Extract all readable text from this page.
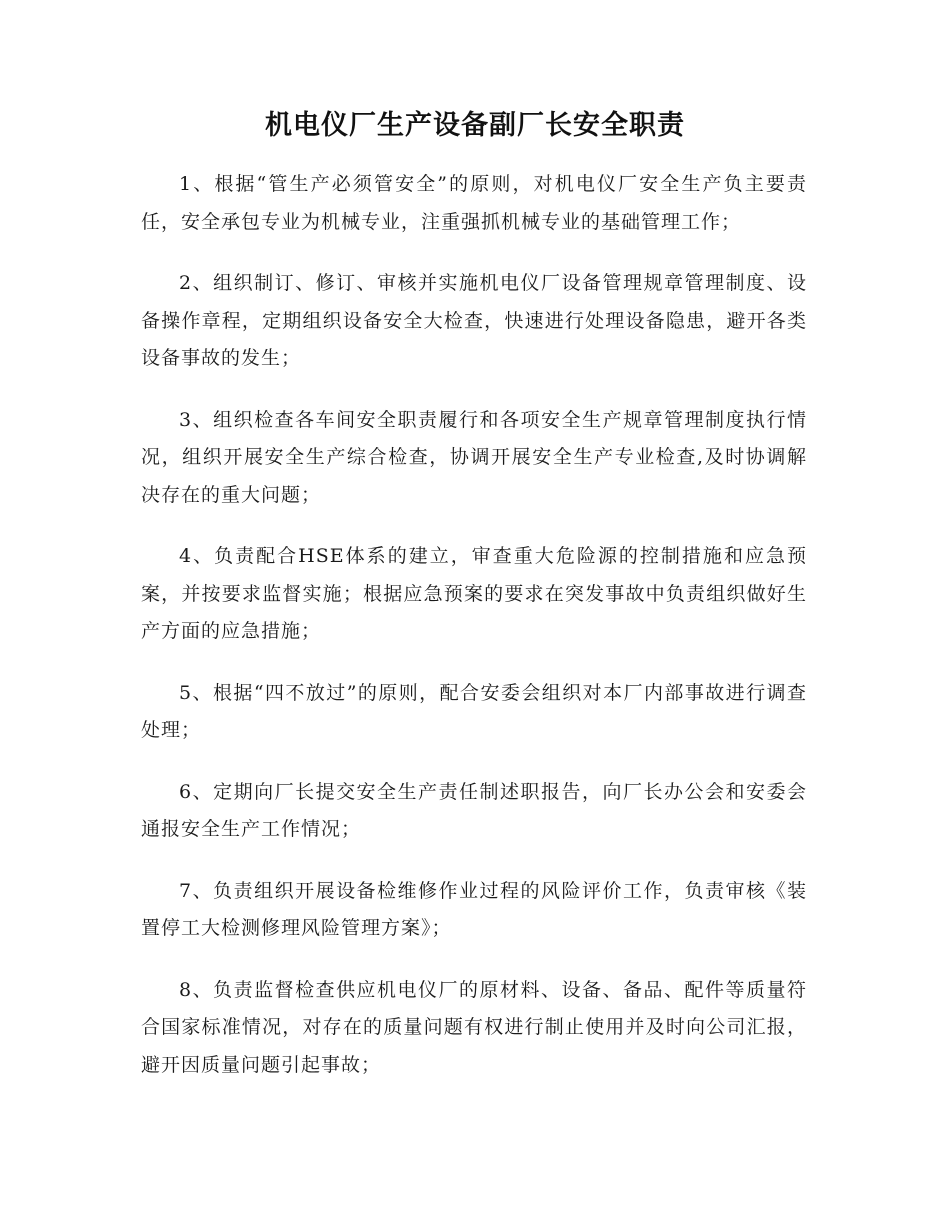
机电仪厂生产设备副厂长安全职责

1、根据“管生产必须管安全”的原则，对机电仪厂安全生产负主要责任，安全承包专业为机械专业，注重强抓机械专业的基础管理工作；

2、组织制订、修订、审核并实施机电仪厂设备管理规章管理制度、设备操作章程，定期组织设备安全大检查，快速进行处理设备隐患，避开各类设备事故的发生；

3、组织检查各车间安全职责履行和各项安全生产规章管理制度执行情况，组织开展安全生产综合检查，协调开展安全生产专业检查,及时协调解决存在的重大问题；

4、负责配合HSE体系的建立，审查重大危险源的控制措施和应急预案，并按要求监督实施；根据应急预案的要求在突发事故中负责组织做好生产方面的应急措施；

5、根据“四不放过”的原则，配合安委会组织对本厂内部事故进行调查处理；

6、定期向厂长提交安全生产责任制述职报告，向厂长办公会和安委会通报安全生产工作情况；

7、负责组织开展设备检维修作业过程的风险评价工作，负责审核《装置停工大检测修理风险管理方案》；

8、负责监督检查供应机电仪厂的原材料、设备、备品、配件等质量符合国家标准情况，对存在的质量问题有权进行制止使用并及时向公司汇报，避开因质量问题引起事故；
